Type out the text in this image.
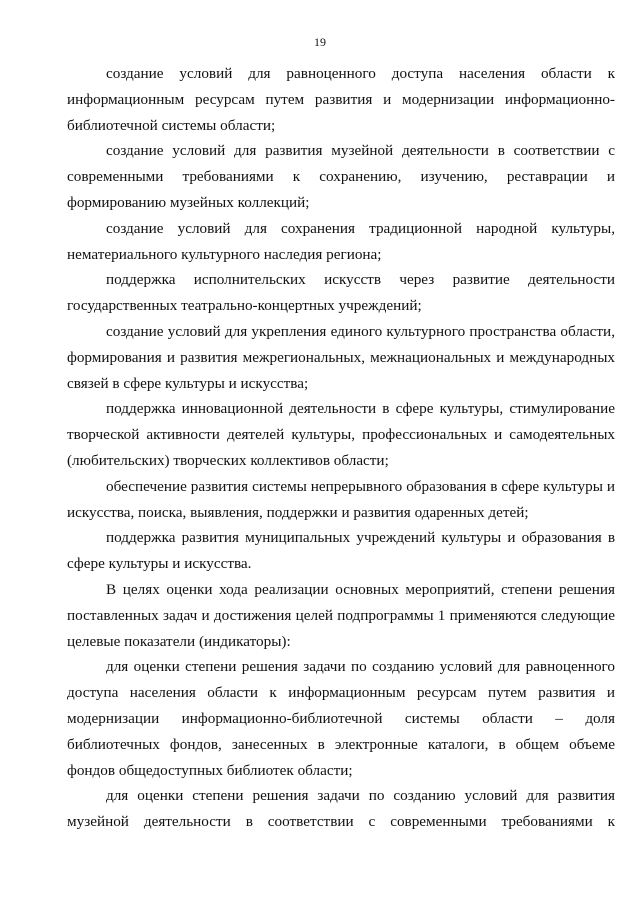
19

создание условий для равноценного доступа населения области к информационным ресурсам путем развития и модернизации информационно-библиотечной системы области;

создание условий для развития музейной деятельности в соответствии с современными требованиями к сохранению, изучению, реставрации и формированию музейных коллекций;

создание условий для сохранения традиционной народной культуры, нематериального культурного наследия региона;

поддержка исполнительских искусств через развитие деятельности государственных театрально-концертных учреждений;

создание условий для укрепления единого культурного пространства области, формирования и развития межрегиональных, межнациональных и международных связей в сфере культуры и искусства;

поддержка инновационной деятельности в сфере культуры, стимулирование творческой активности деятелей культуры, профессиональных и самодеятельных (любительских) творческих коллективов области;

обеспечение развития системы непрерывного образования в сфере культуры и искусства, поиска, выявления, поддержки и развития одаренных детей;

поддержка развития муниципальных учреждений культуры и образования в сфере культуры и искусства.

В целях оценки хода реализации основных мероприятий, степени решения поставленных задач и достижения целей подпрограммы 1 применяются следующие целевые показатели (индикаторы):

для оценки степени решения задачи по созданию условий для равноценного доступа населения области к информационным ресурсам путем развития и модернизации информационно-библиотечной системы области – доля библиотечных фондов, занесенных в электронные каталоги, в общем объеме фондов общедоступных библиотек области;

для оценки степени решения задачи по созданию условий для развития музейной деятельности в соответствии с современными требованиями к
